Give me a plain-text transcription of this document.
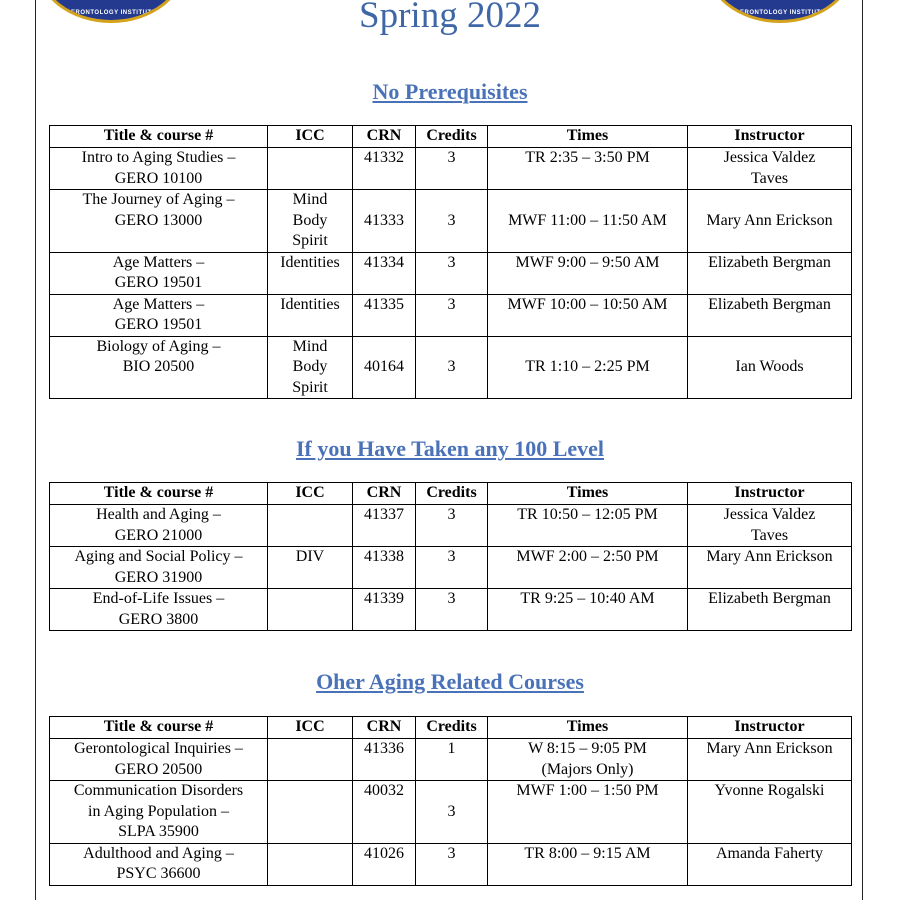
GERONTOLOGY INSTITUTE	GERONTOLOGY INSTITUTE
Spring 2022
No Prerequisites
Title & course #	ICC	CRN	Credits	Times	Instructor

Intro to Aging Studies –
GERO 10100		41332	3	TR 2:35 – 3:50 PM	Jessica Valdez
Taves

The Journey of Aging –
GERO 13000	Mind
Body
Spirit	41333	3	MWF 11:00 – 11:50 AM	Mary Ann Erickson

Age Matters –
GERO 19501	Identities	41334	3	MWF 9:00 – 9:50 AM	Elizabeth Bergman

Age Matters –
GERO 19501	Identities	41335	3	MWF 10:00 – 10:50 AM	Elizabeth Bergman

Biology of Aging –
BIO 20500	Mind
Body
Spirit	40164	3	TR 1:10 – 2:25 PM	Ian Woods
If you Have Taken any 100 Level
Title & course #	ICC	CRN	Credits	Times	Instructor

Health and Aging –
GERO 21000		41337	3	TR 10:50 – 12:05 PM	Jessica Valdez
Taves

Aging and Social Policy –
GERO 31900	DIV	41338	3	MWF 2:00 – 2:50 PM	Mary Ann Erickson

End-of-Life Issues –
GERO 3800		41339	3	TR 9:25 – 10:40 AM	Elizabeth Bergman
Oher Aging Related Courses
Title & course #	ICC	CRN	Credits	Times	Instructor

Gerontological Inquiries –
GERO 20500		41336	1	W 8:15 – 9:05 PM
(Majors Only)	Mary Ann Erickson

Communication Disorders
in Aging Population –
SLPA 35900		40032	3	MWF 1:00 – 1:50 PM	Yvonne Rogalski

Adulthood and Aging –
PSYC 36600		41026	3	TR 8:00 – 9:15 AM	Amanda Faherty
